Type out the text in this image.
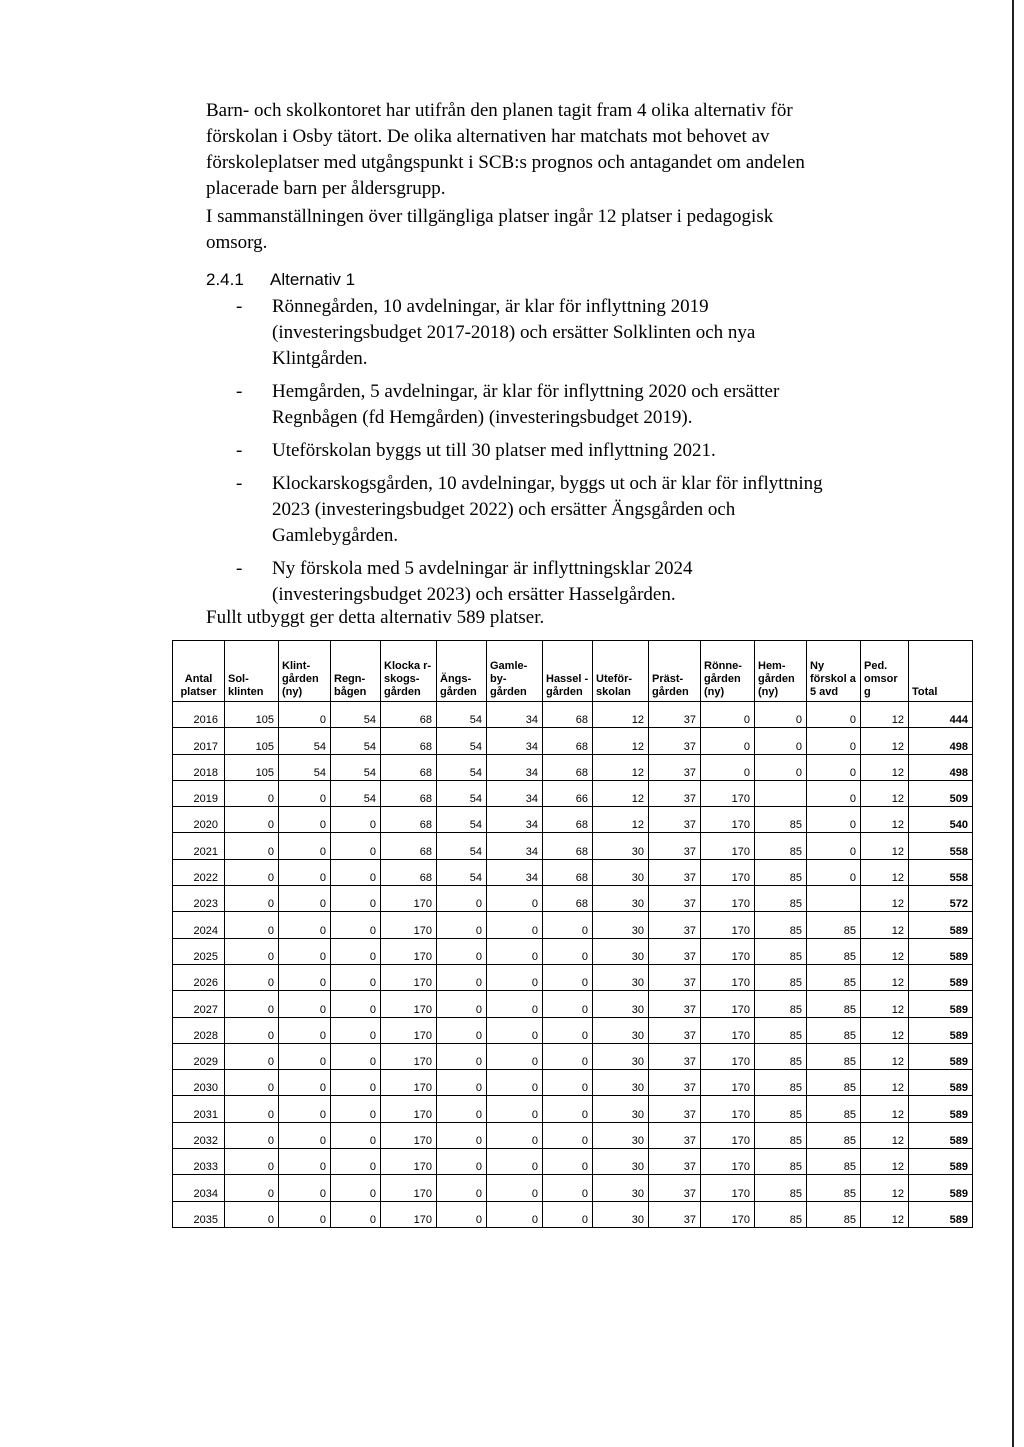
Barn- och skolkontoret har utifrån den planen tagit fram 4 olika alternativ för förskolan i Osby tätort. De olika alternativen har matchats mot behovet av förskoleplatser med utgångspunkt i SCB:s prognos och antagandet om andelen placerade barn per åldersgrupp.

I sammanställningen över tillgängliga platser ingår 12 platser i pedagogisk omsorg.

2.4.1 Alternativ 1
- Rönnegården, 10 avdelningar, är klar för inflyttning 2019 (investeringsbudget 2017-2018) och ersätter Solklinten och nya Klintgården.
- Hemgården, 5 avdelningar, är klar för inflyttning 2020 och ersätter Regnbågen (fd Hemgården) (investeringsbudget 2019).
- Uteförskolan byggs ut till 30 platser med inflyttning 2021.
- Klockarskogsgården, 10 avdelningar, byggs ut och är klar för inflyttning 2023 (investeringsbudget 2022) och ersätter Ängsgården och Gamlebygården.
- Ny förskola med 5 avdelningar är inflyttningsklar 2024 (investeringsbudget 2023) och ersätter Hasselgården.
Fullt utbyggt ger detta alternativ 589 platser.
Antal platser	Sol-klinten	Klint-gården (ny)	Regn-bågen	Klocka r-skogs-gården	Ängs-gården	Gamle-by-gården	Hassel -gården	Uteför-skolan	Präst-gården	Rönne-gården (ny)	Hem-gården (ny)	Ny förskol a 5 avd	Ped. omsor g	Total
2016	105	0	54	68	54	34	68	12	37	0	0	0	12	444
2017	105	54	54	68	54	34	68	12	37	0	0	0	12	498
2018	105	54	54	68	54	34	68	12	37	0	0	0	12	498
2019	0	0	54	68	54	34	66	12	37	170		0	12	509
2020	0	0	0	68	54	34	68	12	37	170	85	0	12	540
2021	0	0	0	68	54	34	68	30	37	170	85	0	12	558
2022	0	0	0	68	54	34	68	30	37	170	85	0	12	558
2023	0	0	0	170	0	0	68	30	37	170	85		12	572
2024	0	0	0	170	0	0	0	30	37	170	85	85	12	589
2025	0	0	0	170	0	0	0	30	37	170	85	85	12	589
2026	0	0	0	170	0	0	0	30	37	170	85	85	12	589
2027	0	0	0	170	0	0	0	30	37	170	85	85	12	589
2028	0	0	0	170	0	0	0	30	37	170	85	85	12	589
2029	0	0	0	170	0	0	0	30	37	170	85	85	12	589
2030	0	0	0	170	0	0	0	30	37	170	85	85	12	589
2031	0	0	0	170	0	0	0	30	37	170	85	85	12	589
2032	0	0	0	170	0	0	0	30	37	170	85	85	12	589
2033	0	0	0	170	0	0	0	30	37	170	85	85	12	589
2034	0	0	0	170	0	0	0	30	37	170	85	85	12	589
2035	0	0	0	170	0	0	0	30	37	170	85	85	12	589
